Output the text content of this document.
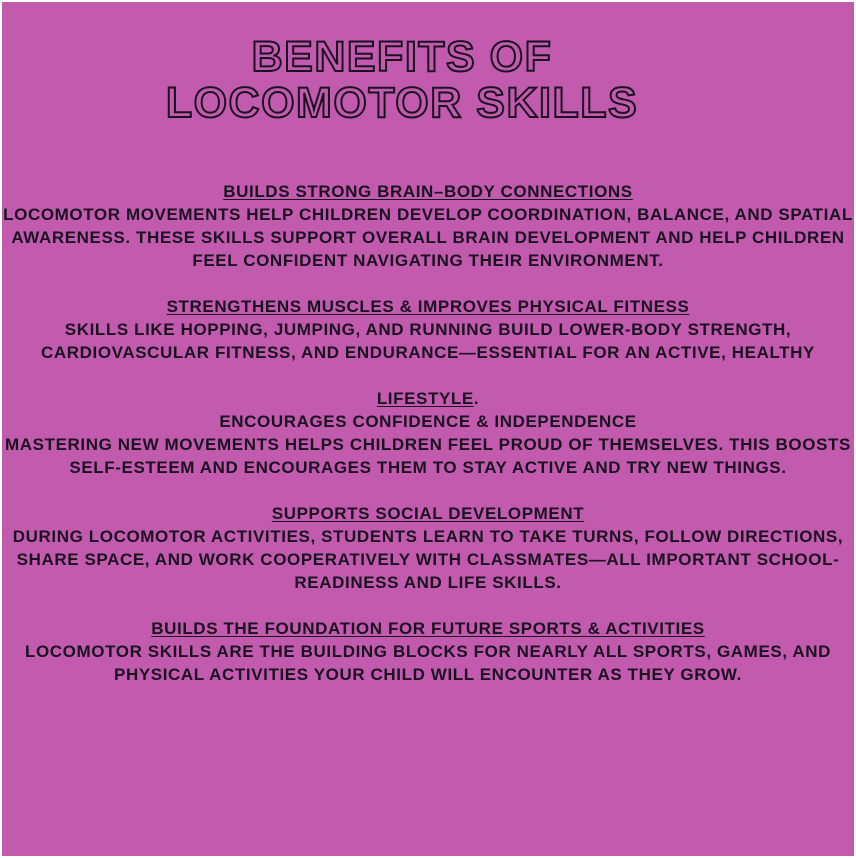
BENEFITS OF
LOCOMOTOR SKILLS
BUILDS STRONG BRAIN–BODY CONNECTIONS
LOCOMOTOR MOVEMENTS HELP CHILDREN DEVELOP COORDINATION, BALANCE, AND SPATIAL AWARENESS. THESE SKILLS SUPPORT OVERALL BRAIN DEVELOPMENT AND HELP CHILDREN FEEL CONFIDENT NAVIGATING THEIR ENVIRONMENT.
STRENGTHENS MUSCLES & IMPROVES PHYSICAL FITNESS
SKILLS LIKE HOPPING, JUMPING, AND RUNNING BUILD LOWER-BODY STRENGTH, CARDIOVASCULAR FITNESS, AND ENDURANCE—ESSENTIAL FOR AN ACTIVE, HEALTHY
LIFESTYLE.
ENCOURAGES CONFIDENCE & INDEPENDENCE
MASTERING NEW MOVEMENTS HELPS CHILDREN FEEL PROUD OF THEMSELVES. THIS BOOSTS SELF-ESTEEM AND ENCOURAGES THEM TO STAY ACTIVE AND TRY NEW THINGS.
SUPPORTS SOCIAL DEVELOPMENT
DURING LOCOMOTOR ACTIVITIES, STUDENTS LEARN TO TAKE TURNS, FOLLOW DIRECTIONS, SHARE SPACE, AND WORK COOPERATIVELY WITH CLASSMATES—ALL IMPORTANT SCHOOL-READINESS AND LIFE SKILLS.
BUILDS THE FOUNDATION FOR FUTURE SPORTS & ACTIVITIES
LOCOMOTOR SKILLS ARE THE BUILDING BLOCKS FOR NEARLY ALL SPORTS, GAMES, AND PHYSICAL ACTIVITIES YOUR CHILD WILL ENCOUNTER AS THEY GROW.
